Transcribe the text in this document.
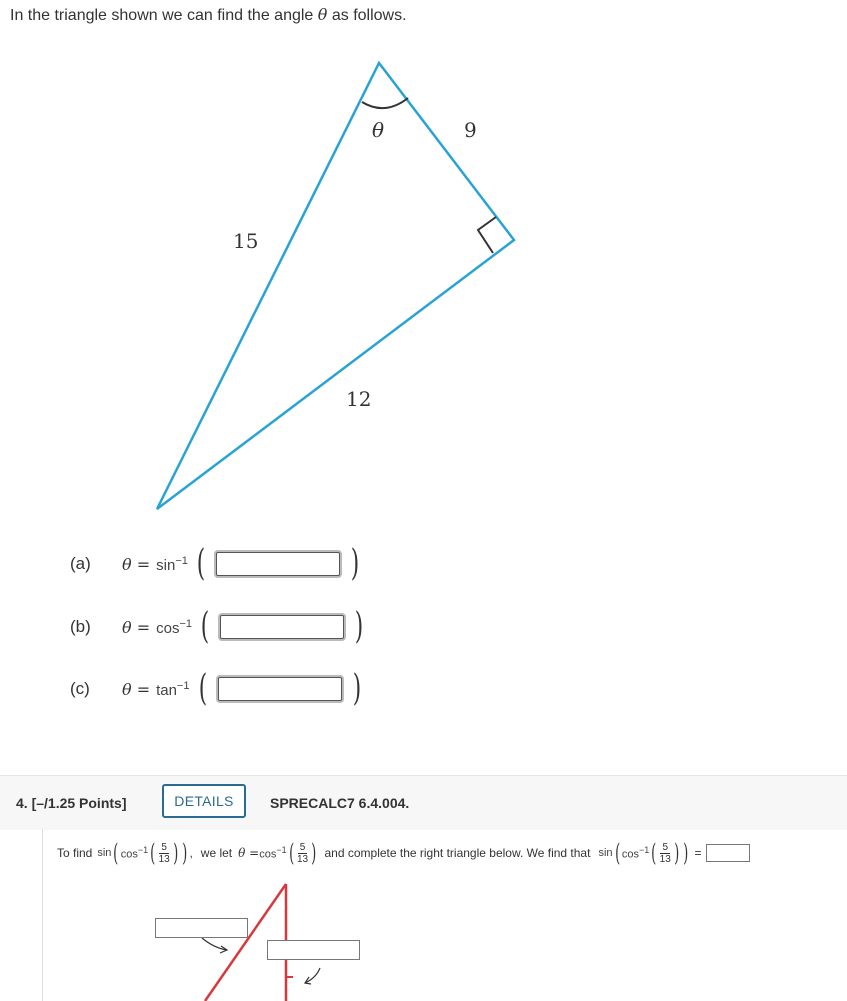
In the triangle shown we can find the angle θ as follows.
θ	9
15
12
(a)	$\theta = \sin^{-1}$ (	)
(b)	$\theta = \cos^{-1}$ (	)
(c)	$\theta = \tan^{-1}$ (	)
4. [–/1.25 Points]	DETAILS	SPRECALC7 6.4.004.
To find sin ( $\cos^{-1}$ ( $\frac{5}{13}$ ) ) , we let $\theta = \cos^{-1}$ ( $\frac{5}{13}$ ) and complete the right triangle below. We find that sin ( $\cos^{-1}$ ( $\frac{5}{13}$ ) ) =
